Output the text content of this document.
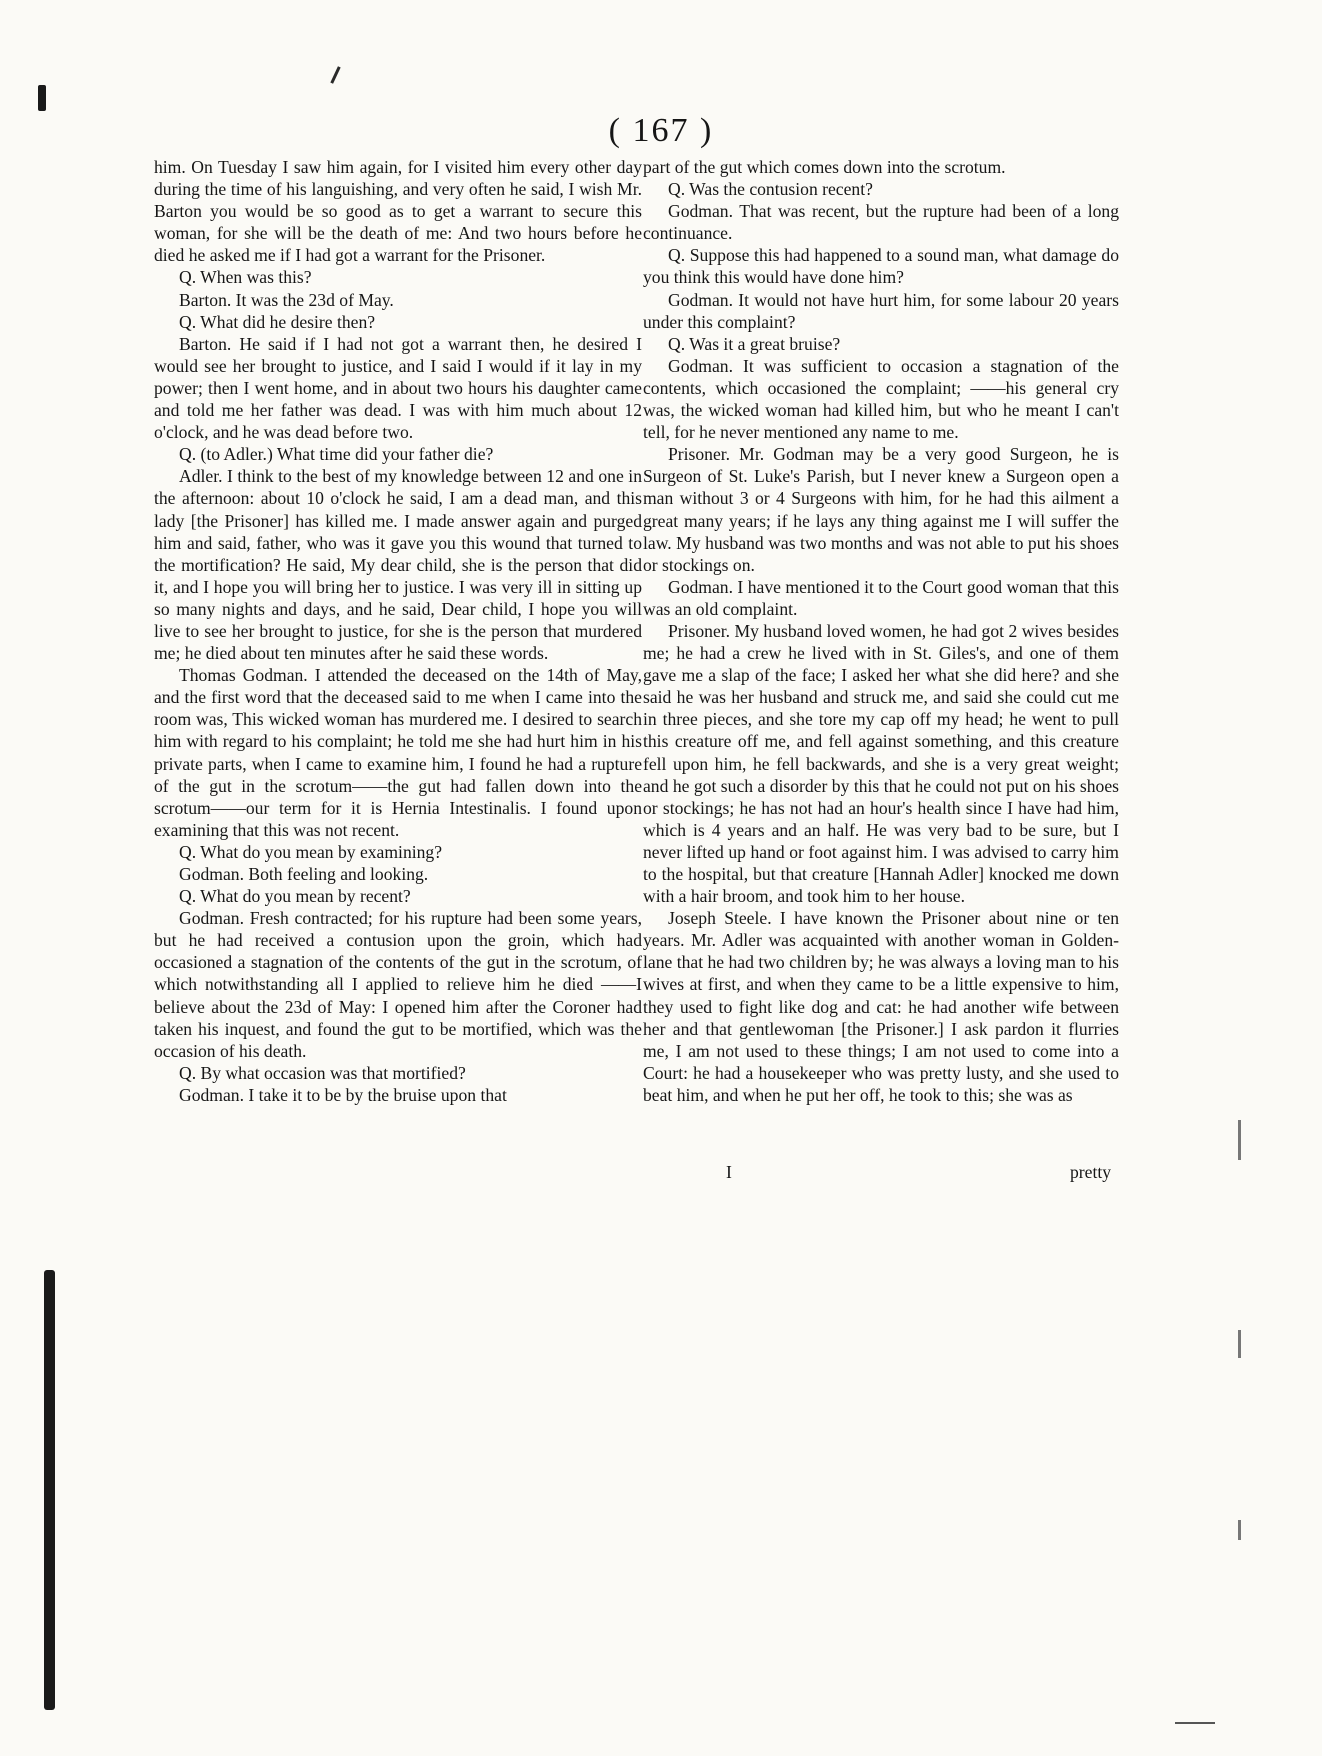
( 167 )

him. On Tuesday I saw him again, for I visited him every other day during the time of his languishing, and very often he said, I wish Mr. Barton you would be so good as to get a warrant to secure this woman, for she will be the death of me: And two hours before he died he asked me if I had got a warrant for the Prisoner.

Q. When was this?

Barton. It was the 23d of May.

Q. What did he desire then?

Barton. He said if I had not got a warrant then, he desired I would see her brought to justice, and I said I would if it lay in my power; then I went home, and in about two hours his daughter came and told me her father was dead. I was with him much about 12 o'clock, and he was dead before two.

Q. (to Adler.) What time did your father die?

Adler. I think to the best of my knowledge between 12 and one in the afternoon: about 10 o'clock he said, I am a dead man, and this lady [the Prisoner] has killed me. I made answer again and purged him and said, father, who was it gave you this wound that turned to the mortification? He said, My dear child, she is the person that did it, and I hope you will bring her to justice. I was very ill in sitting up so many nights and days, and he said, Dear child, I hope you will live to see her brought to justice, for she is the person that murdered me; he died about ten minutes after he said these words.

Thomas Godman. I attended the deceased on the 14th of May, and the first word that the deceased said to me when I came into the room was, This wicked woman has murdered me. I desired to search him with regard to his complaint; he told me she had hurt him in his private parts, when I came to examine him, I found he had a rupture of the gut in the scrotum——the gut had fallen down into the scrotum——our term for it is Hernia Intestinalis. I found upon examining that this was not recent.

Q. What do you mean by examining?

Godman. Both feeling and looking.

Q. What do you mean by recent?

Godman. Fresh contracted; for his rupture had been some years, but he had received a contusion upon the groin, which had occasioned a stagnation of the contents of the gut in the scrotum, of which notwithstanding all I applied to relieve him he died ——I believe about the 23d of May: I opened him after the Coroner had taken his inquest, and found the gut to be mortified, which was the occasion of his death.

Q. By what occasion was that mortified?

Godman. I take it to be by the bruise upon that

part of the gut which comes down into the scrotum.

Q. Was the contusion recent?

Godman. That was recent, but the rupture had been of a long continuance.

Q. Suppose this had happened to a sound man, what damage do you think this would have done him?

Godman. It would not have hurt him, for some labour 20 years under this complaint?

Q. Was it a great bruise?

Godman. It was sufficient to occasion a stagnation of the contents, which occasioned the complaint; ——his general cry was, the wicked woman had killed him, but who he meant I can't tell, for he never mentioned any name to me.

Prisoner. Mr. Godman may be a very good Surgeon, he is Surgeon of St. Luke's Parish, but I never knew a Surgeon open a man without 3 or 4 Surgeons with him, for he had this ailment a great many years; if he lays any thing against me I will suffer the law. My husband was two months and was not able to put his shoes or stockings on.

Godman. I have mentioned it to the Court good woman that this was an old complaint.

Prisoner. My husband loved women, he had got 2 wives besides me; he had a crew he lived with in St. Giles's, and one of them gave me a slap of the face; I asked her what she did here? and she said he was her husband and struck me, and said she could cut me in three pieces, and she tore my cap off my head; he went to pull this creature off me, and fell against something, and this creature fell upon him, he fell backwards, and she is a very great weight; and he got such a disorder by this that he could not put on his shoes or stockings; he has not had an hour's health since I have had him, which is 4 years and an half. He was very bad to be sure, but I never lifted up hand or foot against him. I was advised to carry him to the hospital, but that creature [Hannah Adler] knocked me down with a hair broom, and took him to her house.

Joseph Steele. I have known the Prisoner about nine or ten years. Mr. Adler was acquainted with another woman in Golden-lane that he had two children by; he was always a loving man to his wives at first, and when they came to be a little expensive to him, they used to fight like dog and cat: he had another wife between her and that gentlewoman [the Prisoner.] I ask pardon it flurries me, I am not used to these things; I am not used to come into a Court: he had a housekeeper who was pretty lusty, and she used to beat him, and when he put her off, he took to this; she was as

I	pretty
